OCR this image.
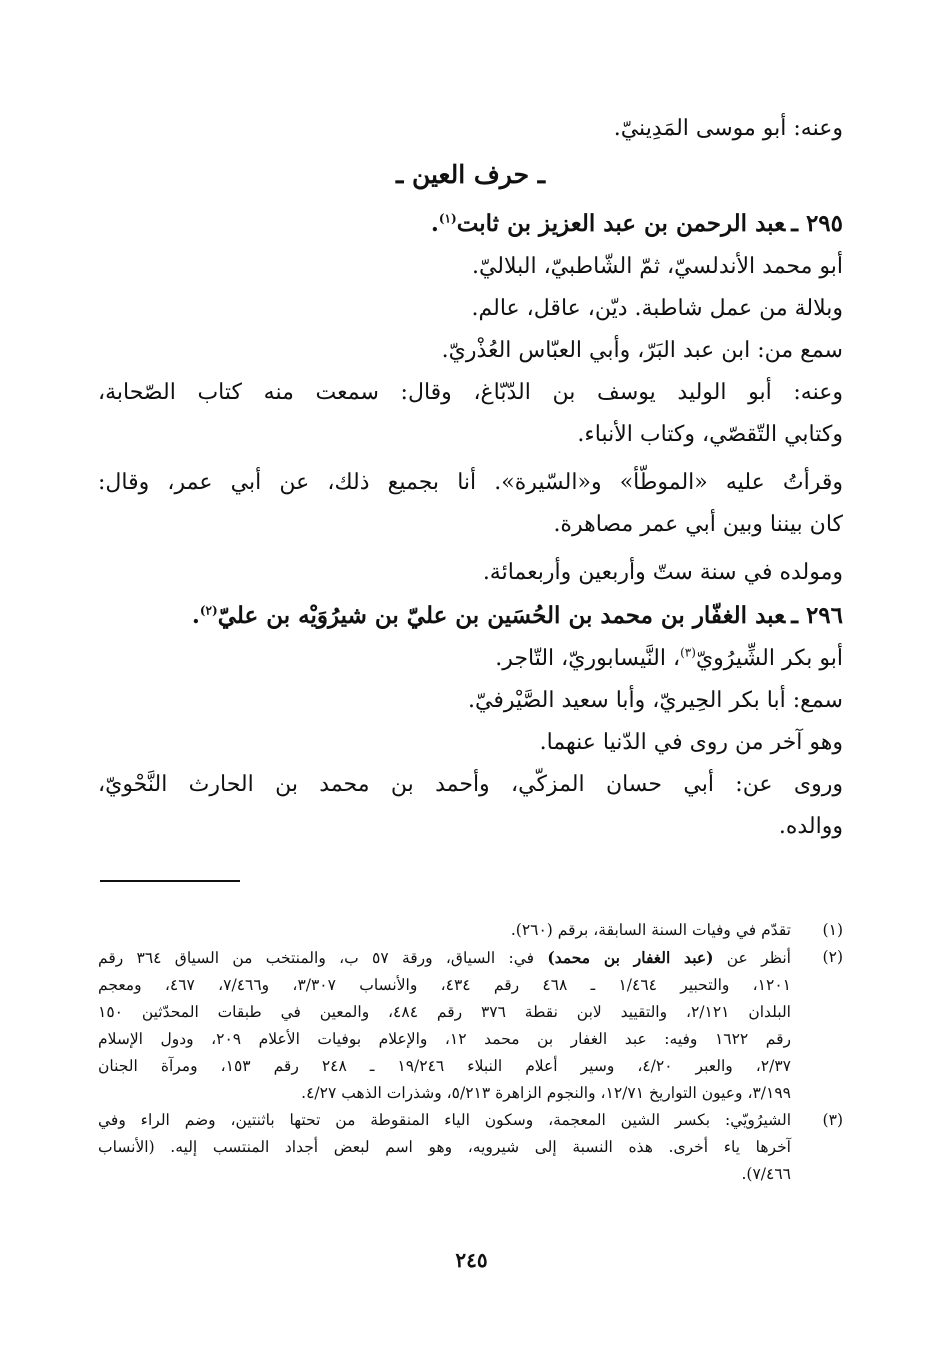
وعنه: أبو موسى المَدِينيّ.
ـ حرف العين ـ
٢٩٥ ـعبد الرحمن بن عبد العزيز بن ثابت$^{(١)}$.
أبو محمد الأندلسيّ، ثمّ الشّاطبيّ، البلاليّ.
وبلالة من عمل شاطبة. ديّن، عاقل، عالم.
سمع من: ابن عبد البَرّ، وأبي العبّاس العُذْريّ.
وعنه: أبو الوليد يوسف بن الدّبّاغ، وقال: سمعت منه كتاب الصّحابة،
وكتابي التّقصّي، وكتاب الأنباء.
وقرأتُ عليه «الموطّأ» و«السّيرة». أنا بجميع ذلك، عن أبي عمر، وقال:
كان بيننا وبين أبي عمر مصاهرة.
ومولده في سنة ستّ وأربعين وأربعمائة.
٢٩٦ ـعبد الغفّار بن محمد بن الحُسَين بن عليّ بن شيرُوَيْه بن عليّ$^{(٢)}$.
أبو بكر الشِّيرُويّ$^{(٣)}$، النَّيسابوريّ، التّاجر.
سمع: أبا بكر الحِيريّ، وأبا سعيد الصَّيْرفيّ.
وهو آخر من روى في الدّنيا عنهما.
وروى عن: أبي حسان المزكّي، وأحمد بن محمد بن الحارث النَّحْويّ،
ووالده.
(١)
تقدّم في وفيات السنة السابقة، برقم (٢٦٠).
(٢)
أنظر عن (عبد الغفار بن محمد) في: السياق، ورقة ٥٧ ب، والمنتخب من السياق ٣٦٤ رقم
١٢٠١، والتحبير ١/٤٦٤ ـ ٤٦٨ رقم ٤٣٤، والأنساب ٣/٣٠٧، و٧/٤٦٦، ٤٦٧، ومعجم
البلدان ٢/١٢١، والتقييد لابن نقطة ٣٧٦ رقم ٤٨٤، والمعين في طبقات المحدّثين ١٥٠
رقم ١٦٢٢ وفيه: عبد الغفار بن محمد ١٢، والإعلام بوفيات الأعلام ٢٠٩، ودول الإسلام
٢/٣٧، والعبر ٤/٢٠، وسير أعلام النبلاء ١٩/٢٤٦ ـ ٢٤٨ رقم ١٥٣، ومرآة الجنان
٣/١٩٩، وعيون التواريخ ١٢/٧١، والنجوم الزاهرة ٥/٢١٣، وشذرات الذهب ٤/٢٧.
(٣)
الشيرُويّي: بكسر الشين المعجمة، وسكون الياء المنقوطة من تحتها باثنتين، وضم الراء وفي
آخرها ياء أخرى. هذه النسبة إلى شيرويه، وهو اسم لبعض أجداد المنتسب إليه. (الأنساب
٧/٤٦٦).
٢٤٥
